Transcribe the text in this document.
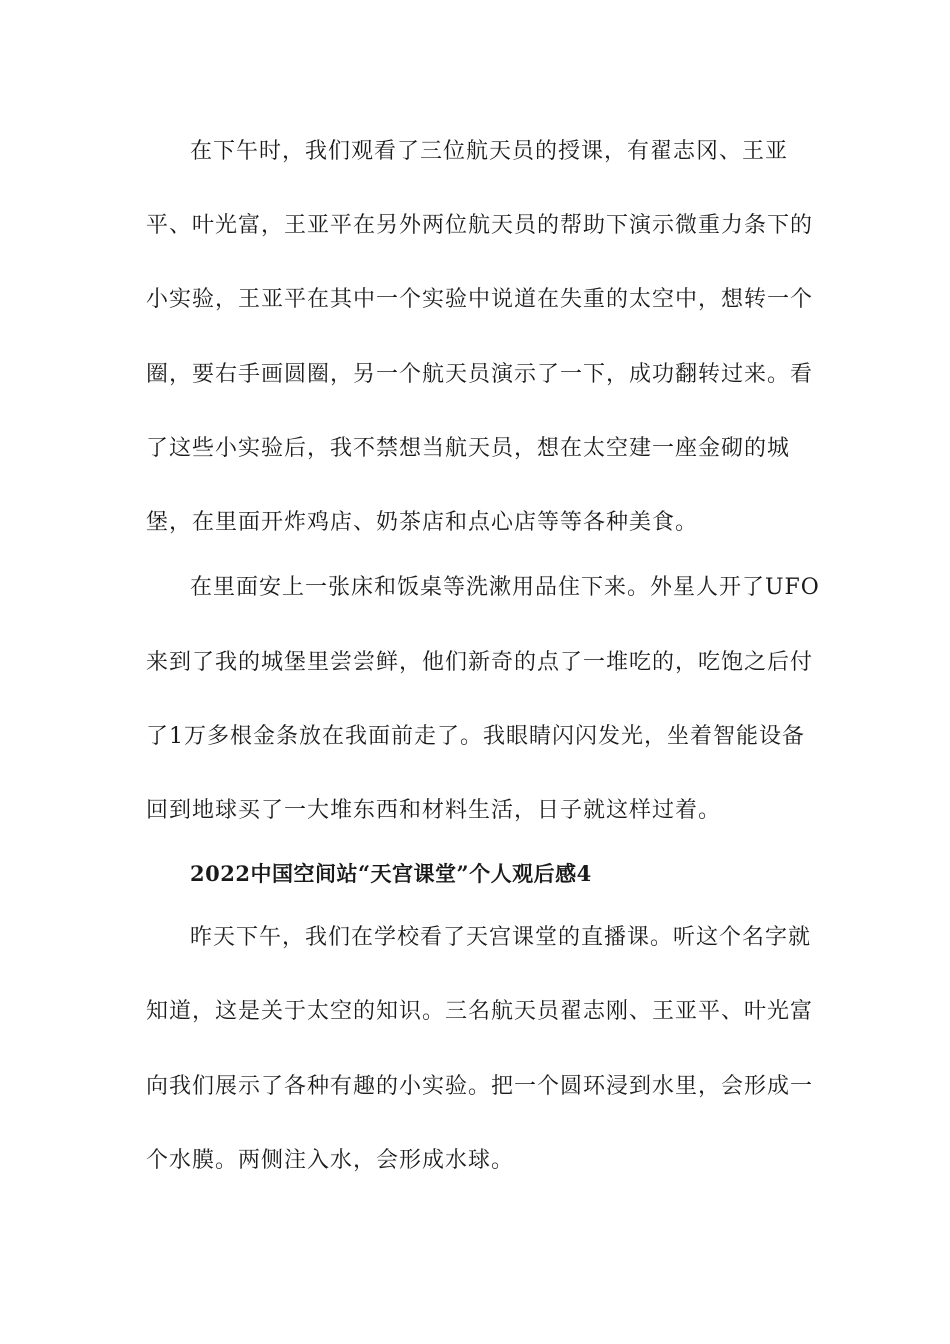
在下午时，我们观看了三位航天员的授课，有翟志冈、王亚
平、叶光富，王亚平在另外两位航天员的帮助下演示微重力条下的
小实验，王亚平在其中一个实验中说道在失重的太空中，想转一个
圈，要右手画圆圈，另一个航天员演示了一下，成功翻转过来。看
了这些小实验后，我不禁想当航天员，想在太空建一座金砌的城
堡，在里面开炸鸡店、奶茶店和点心店等等各种美食。
在里面安上一张床和饭桌等洗漱用品住下来。外星人开了UFO
来到了我的城堡里尝尝鲜，他们新奇的点了一堆吃的，吃饱之后付
了1万多根金条放在我面前走了。我眼睛闪闪发光，坐着智能设备
回到地球买了一大堆东西和材料生活，日子就这样过着。
2022中国空间站“天宫课堂”个人观后感4
昨天下午，我们在学校看了天宫课堂的直播课。听这个名字就
知道，这是关于太空的知识。三名航天员翟志刚、王亚平、叶光富
向我们展示了各种有趣的小实验。把一个圆环浸到水里，会形成一
个水膜。两侧注入水，会形成水球。
